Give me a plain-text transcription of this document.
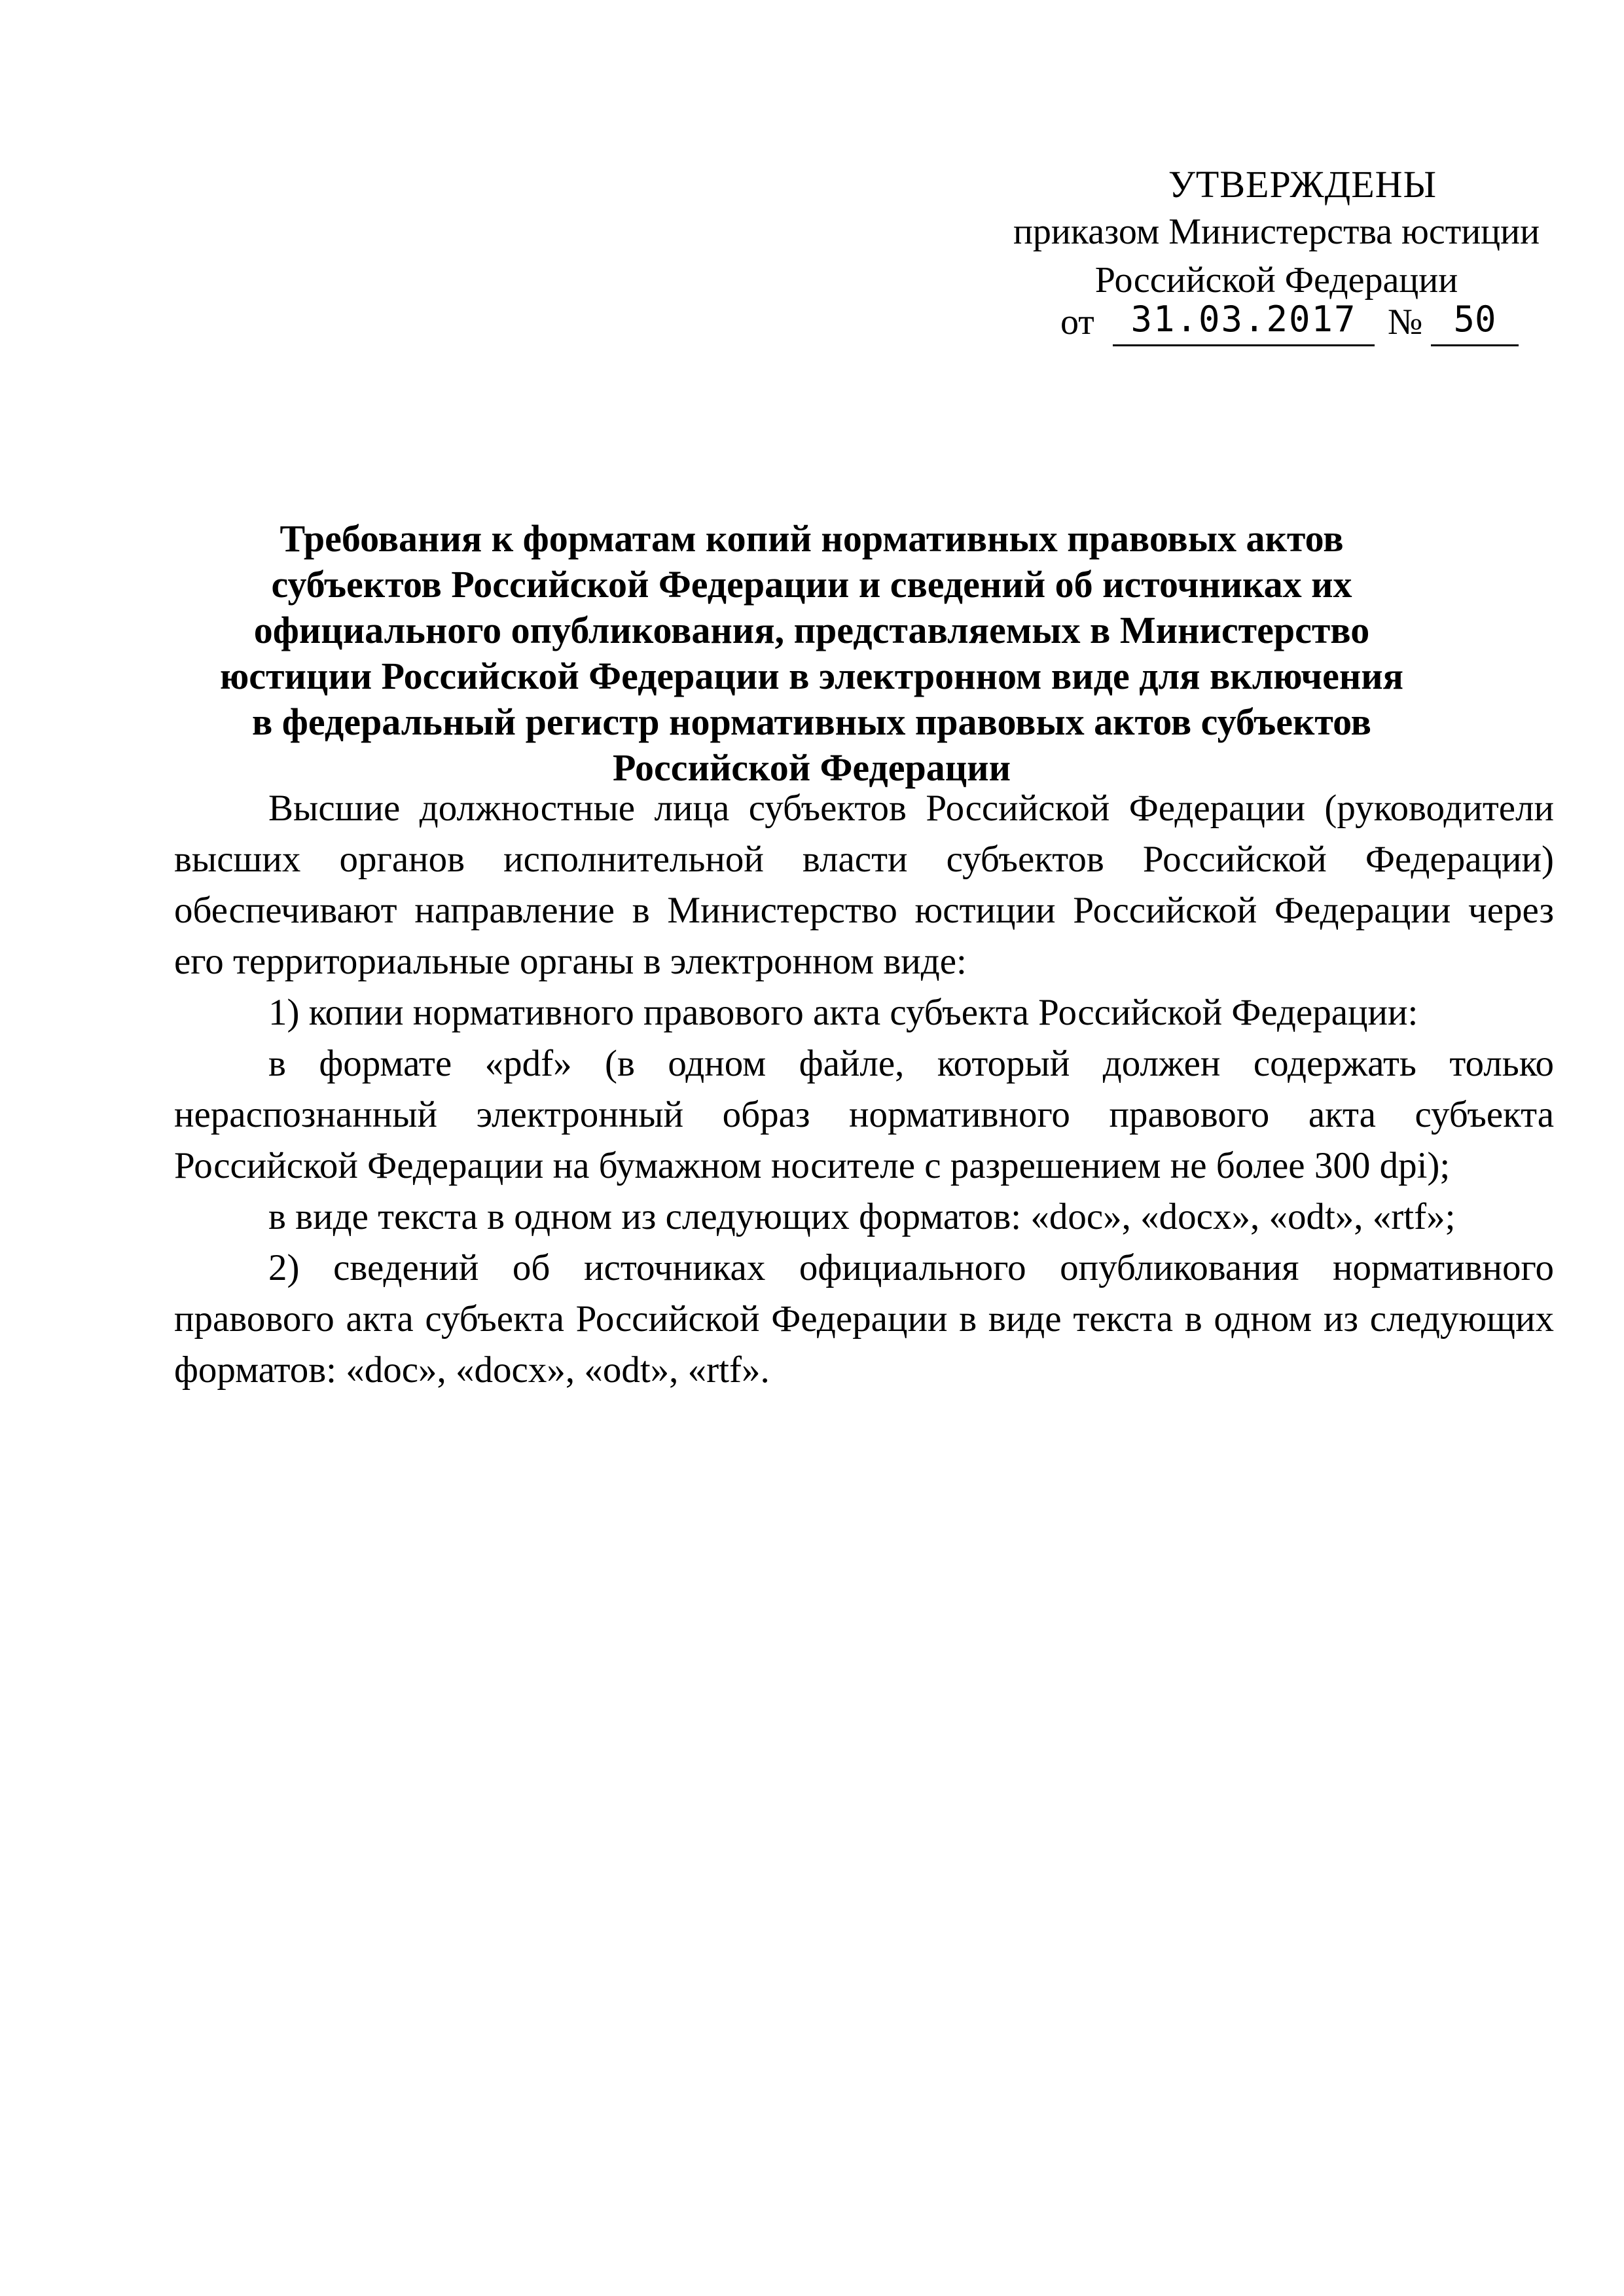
УТВЕРЖДЕНЫ
приказом Министерства юстиции
Российской Федерации
от	31.03.2017 № 50
Требования к форматам копий нормативных правовых актов субъектов Российской Федерации и сведений об источниках их официального опубликования, представляемых в Министерство юстиции Российской Федерации в электронном виде для включения в федеральный регистр нормативных правовых актов субъектов Российской Федерации

Высшие должностные лица субъектов Российской Федерации (руководители высших органов исполнительной власти субъектов Российской Федерации) обеспечивают направление в Министерство юстиции Российской Федерации через его территориальные органы в электронном виде:

1) копии нормативного правового акта субъекта Российской Федерации:

в формате «pdf» (в одном файле, который должен содержать только нераспознанный электронный образ нормативного правового акта субъекта Российской Федерации на бумажном носителе с разрешением не более 300 dpi);

в виде текста в одном из следующих форматов: «doc», «docx», «odt», «rtf»;

2) сведений об источниках официального опубликования нормативного правового акта субъекта Российской Федерации в виде текста в одном из следующих форматов: «doc», «docx», «odt», «rtf».
